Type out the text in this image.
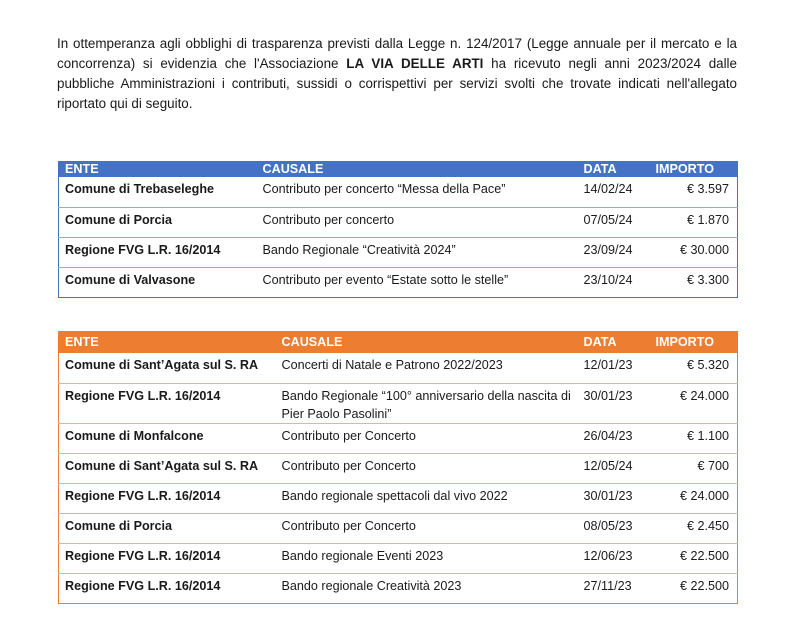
In ottemperanza agli obblighi di trasparenza previsti dalla Legge n. 124/2017 (Legge annuale per il mercato e la concorrenza) si evidenzia che l'Associazione LA VIA DELLE ARTI ha ricevuto negli anni 2023/2024 dalle pubbliche Amministrazioni i contributi, sussidi o corrispettivi per servizi svolti che trovate indicati nell'allegato riportato qui di seguito.

ENTE	CAUSALE	DATA	IMPORTO
Comune di Trebaseleghe	Contributo per concerto “Messa della Pace”	14/02/24	€ 3.597
Comune di Porcia	Contributo per concerto	07/05/24	€ 1.870
Regione FVG L.R. 16/2014	Bando Regionale “Creatività 2024”	23/09/24	€ 30.000
Comune di Valvasone	Contributo per evento “Estate sotto le stelle”	23/10/24	€ 3.300
ENTE	CAUSALE	DATA	IMPORTO
Comune di Sant’Agata sul S. RA	Concerti di Natale e Patrono 2022/2023	12/01/23	€ 5.320
Regione FVG L.R. 16/2014	Bando Regionale “100° anniversario della nascita di Pier Paolo Pasolini”	30/01/23	€ 24.000
Comune di Monfalcone	Contributo per Concerto	26/04/23	€ 1.100
Comune di Sant’Agata sul S. RA	Contributo per Concerto	12/05/24	€ 700
Regione FVG L.R. 16/2014	Bando regionale spettacoli dal vivo 2022	30/01/23	€ 24.000
Comune di Porcia	Contributo per Concerto	08/05/23	€ 2.450
Regione FVG L.R. 16/2014	Bando regionale Eventi 2023	12/06/23	€ 22.500
Regione FVG L.R. 16/2014	Bando regionale Creatività 2023	27/11/23	€ 22.500
